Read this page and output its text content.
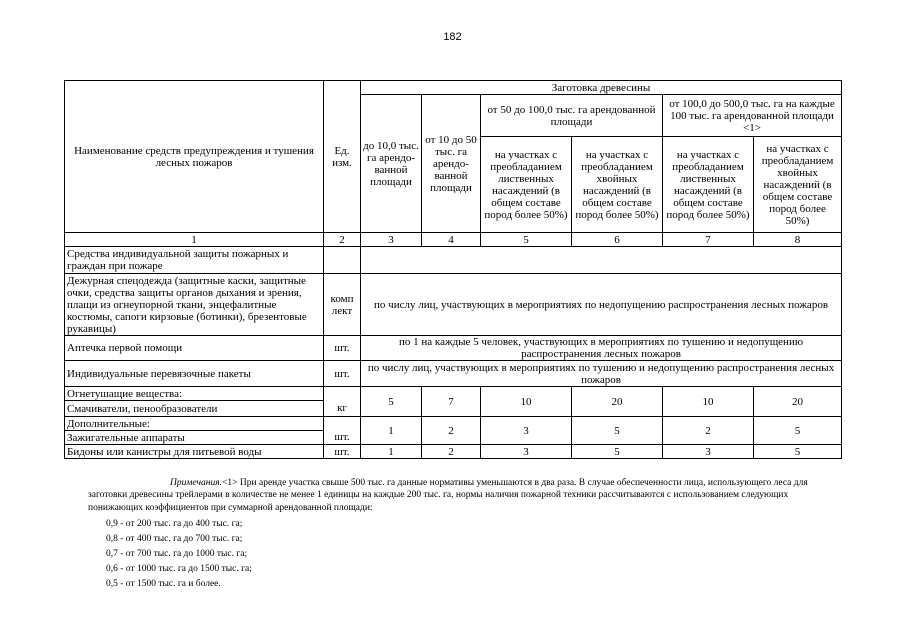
182
Наименование средств предупреждения и тушения лесных пожаров	Ед. изм.	Заготовка древесины					
		до 10,0 тыс. га арендо-ванной площади	от 10 до 50 тыс. га арендо-ванной площади	от 50 до 100,0 тыс. га арендованной площади		от 100,0 до 500,0 тыс. га на каждые 100 тыс. га арендованной площади <1>	
				на участках с преобладанием лиственных насаждений (в общем составе пород более 50%)	на участках с преобладанием хвойных насаждений (в общем составе пород более 50%)	на участках с преобладанием лиственных насаждений (в общем составе пород более 50%)	на участках с преобладанием хвойных насаждений (в общем составе пород более 50%)

1	2	3	4	5	6	7	8
Средства индивидуальной защиты пожарных и граждан при пожаре							
Дежурная спецодежда (защитные каски, защитные очки, средства защиты органов дыхания и зрения, плащи из огнеупорной ткани, энцефалитные костюмы, сапоги кирзовые (ботинки), брезентовые рукавицы)	комп лект	по числу лиц, участвующих в мероприятиях по недопущению распространения лесных пожаров					
Аптечка первой помощи	шт.	по 1 на каждые 5 человек, участвующих в мероприятиях по тушению и недопущению распространения лесных пожаров					
Индивидуальные перевязочные пакеты	шт.	по числу лиц, участвующих в мероприятиях по тушению и недопущению распространения лесных пожаров					
Огнетушащие вещества:		5	7	10	20	10	20
Смачиватели, пенообразователи	кг						
Дополнительные:		1	2	3	5	2	5
Зажигательные аппараты	шт.						
Бидоны или канистры для питьевой воды	шт.	1	2	3	5	3	5

Примечания.<1> При аренде участка свыше 500 тыс. га данные нормативы уменьшаются в два раза. В случае обеспеченности лица, использующего леса для заготовки древесины трейлерами в количестве не менее 1 единицы на каждые 200 тыс. га, нормы наличия пожарной техники рассчитываются с использованием следующих понижающих коэффициентов при суммарной арендованной площади:

0,9 - от 200 тыс. га до 400 тыс. га;
0,8 - от 400 тыс. га до 700 тыс. га;
0,7 - от 700 тыс. га до 1000 тыс. га;
0,6 - от 1000 тыс. га до 1500 тыс. га;
0,5 - от 1500 тыс. га и более.
